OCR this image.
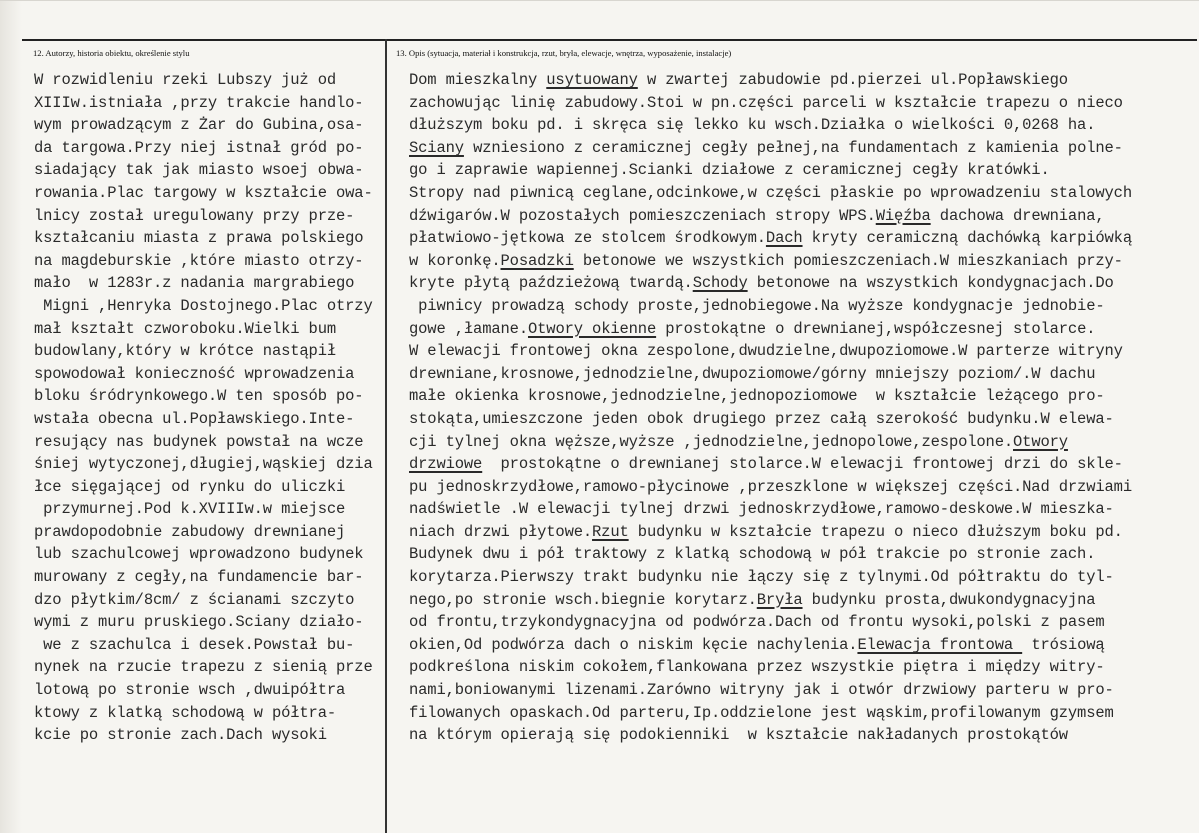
12. Autorzy, historia obiektu, określenie stylu	13. Opis (sytuacja, materiał i konstrukcja, rzut, bryła, elewacje, wnętrza, wyposażenie, instalacje)
W rozwidleniu rzeki Lubszy już od
XIIIw.istniała ,przy trakcie handlo-
wym prowadzącym z Żar do Gubina,osa-
da targowa.Przy niej istnał gród po-
siadający tak jak miasto wsoej obwa-
rowania.Plac targowy w kształcie owa-
lnicy został uregulowany przy prze-
kształcaniu miasta z prawa polskiego
na magdeburskie ,które miasto otrzy-
mało  w 1283r.z nadania margrabiego
Migni ,Henryka Dostojnego.Plac otrzy
mał kształt czworoboku.Wielki bum
budowlany,który w krótce nastąpił
spowodował konieczność wprowadzenia
bloku śródrynkowego.W ten sposób po-
wstała obecna ul.Popławskiego.Inte-
resujący nas budynek powstał na wcze
śniej wytyczonej,długiej,wąskiej dzia
łce sięgającej od rynku do uliczki
przymurnej.Pod k.XVIIIw.w miejsce
prawdopodobnie zabudowy drewnianej
lub szachulcowej wprowadzono budynek
murowany z cegły,na fundamencie bar-
dzo płytkim/8cm/ z ścianami szczyto
wymi z muru pruskiego.Sciany działo-
we z szachulca i desek.Powstał bu-
nynek na rzucie trapezu z sienią prze
lotową po stronie wsch ,dwuipółtra
ktowy z klatką schodową w półtra-
kcie po stronie zach.Dach wysoki
Dom mieszkalny usytuowany w zwartej zabudowie pd.pierzei ul.Popławskiego
zachowując linię zabudowy.Stoi w pn.części parceli w kształcie trapezu o nieco
dłuższym boku pd. i skręca się lekko ku wsch.Działka o wielkości 0,0268 ha.
Sciany wzniesiono z ceramicznej cegły pełnej,na fundamentach z kamienia polne-
go i zaprawie wapiennej.Scianki działowe z ceramicznej cegły kratówki.
Stropy nad piwnicą ceglane,odcinkowe,w części płaskie po wprowadzeniu stalowych
dźwigarów.W pozostałych pomieszczeniach stropy WPS.Więźba dachowa drewniana,
płatwiowo-jętkowa ze stolcem środkowym.Dach kryty ceramiczną dachówką karpiówką
w koronkę.Posadzki betonowe we wszystkich pomieszczeniach.W mieszkaniach przy-
kryte płytą paździeżową twardą.Schody betonowe na wszystkich kondygnacjach.Do
piwnicy prowadzą schody proste,jednobiegowe.Na wyższe kondygnacje jednobie-
gowe ,łamane.Otwory okienne prostokątne o drewnianej,współczesnej stolarce.
W elewacji frontowej okna zespolone,dwudzielne,dwupoziomowe.W parterze witryny
drewniane,krosnowe,jednodzielne,dwupoziomowe/górny mniejszy poziom/.W dachu
małe okienka krosnowe,jednodzielne,jednopoziomowe  w kształcie leżącego pro-
stokąta,umieszczone jeden obok drugiego przez całą szerokość budynku.W elewa-
cji tylnej okna węższe,wyższe ,jednodzielne,jednopolowe,zespolone.Otwory
drzwiowe  prostokątne o drewnianej stolarce.W elewacji frontowej drzi do skle-
pu jednoskrzydłowe,ramowo-płycinowe ,przeszklone w większej części.Nad drzwiami
nadświetle .W elewacji tylnej drzwi jednoskrzydłowe,ramowo-deskowe.W mieszka-
niach drzwi płytowe.Rzut budynku w kształcie trapezu o nieco dłuższym boku pd.
Budynek dwu i pół traktowy z klatką schodową w pół trakcie po stronie zach.
korytarza.Pierwszy trakt budynku nie łączy się z tylnymi.Od półtraktu do tyl-
nego,po stronie wsch.biegnie korytarz.Bryła budynku prosta,dwukondygnacyjna
od frontu,trzykondygnacyjna od podwórza.Dach od frontu wysoki,polski z pasem
okien,Od podwórza dach o niskim kęcie nachylenia.Elewacja frontowa  trósiową
podkreślona niskim cokołem,flankowana przez wszystkie piętra i między witry-
nami,boniowanymi lizenami.Zarówno witryny jak i otwór drzwiowy parteru w pro-
filowanych opaskach.Od parteru,Ip.oddzielone jest wąskim,profilowanym gzymsem
na którym opierają się podokienniki  w kształcie nakładanych prostokątów
